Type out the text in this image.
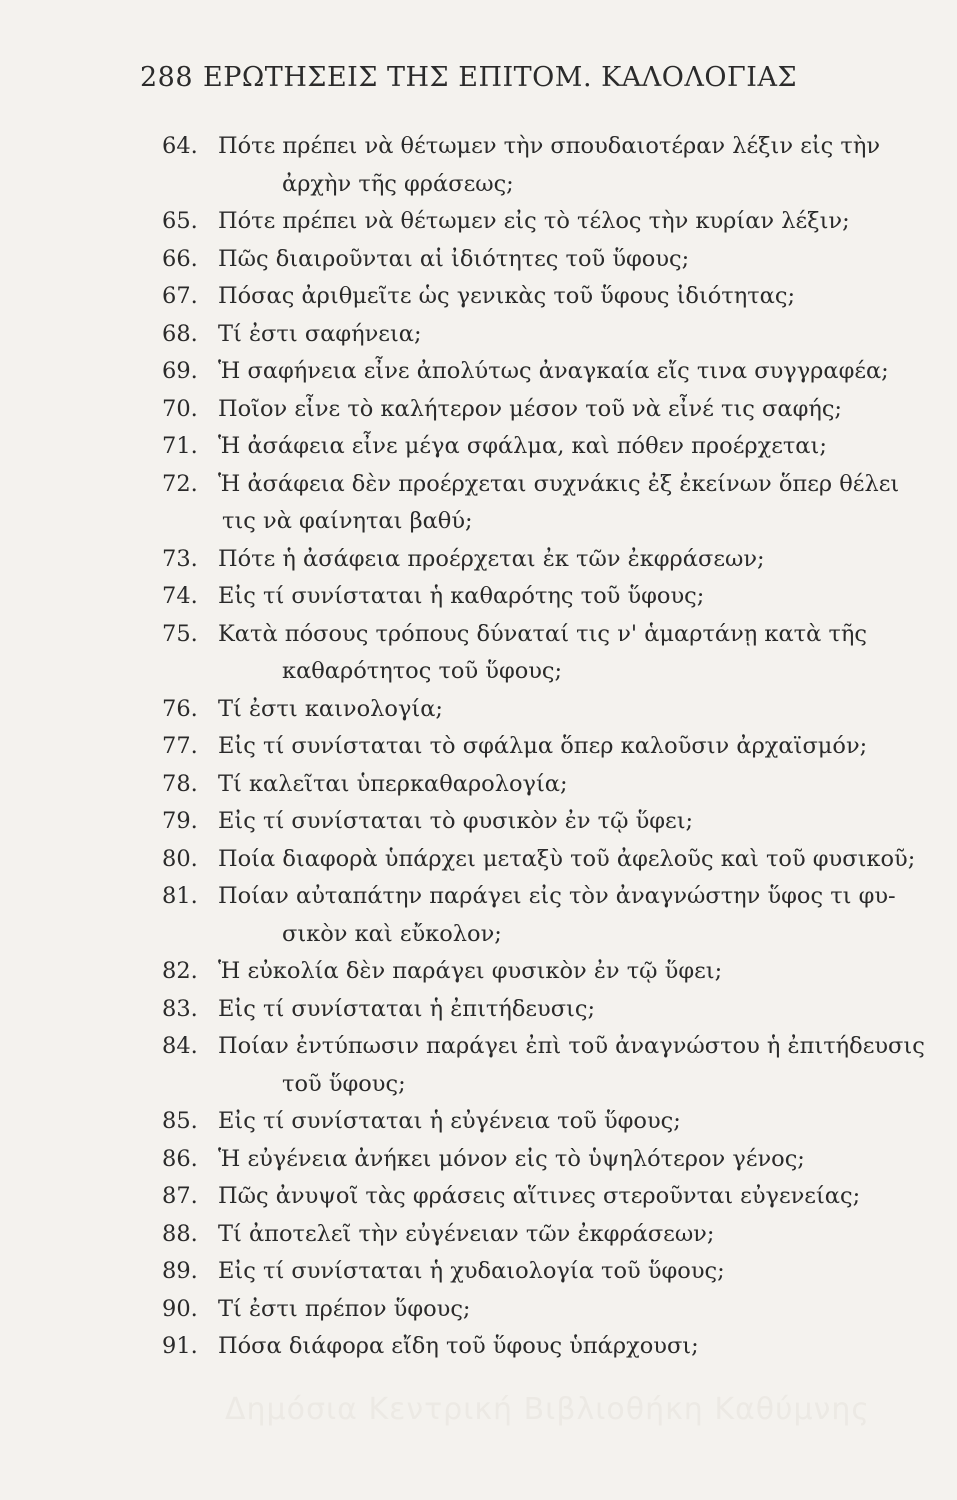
288 ΕΡΩΤΗΣΕΙΣ ΤΗΣ ΕΠΙΤΟΜ. ΚΑΛΟΛΟΓΙΑΣ
64. Πότε πρέπει νὰ θέτωμεν τὴν σπουδαιοτέραν λέξιν εἰς τὴν
ἀρχὴν τῆς φράσεως;
65. Πότε πρέπει νὰ θέτωμεν εἰς τὸ τέλος τὴν κυρίαν λέξιν;
66. Πῶς διαιροῦνται αἱ ἰδιότητες τοῦ ὕφους;
67. Πόσας ἀριθμεῖτε ὡς γενικὰς τοῦ ὕφους ἰδιότητας;
68. Τί ἐστι σαφήνεια;
69. Ἡ σαφήνεια εἶνε ἀπολύτως ἀναγκαία εἴς τινα συγγραφέα;
70. Ποῖον εἶνε τὸ καλήτερον μέσον τοῦ νὰ εἶνέ τις σαφής;
71. Ἡ ἀσάφεια εἶνε μέγα σφάλμα, καὶ πόθεν προέρχεται;
72. Ἡ ἀσάφεια δὲν προέρχεται συχνάκις ἐξ ἐκείνων ὅπερ θέλει
τις νὰ φαίνηται βαθύ;
73. Πότε ἡ ἀσάφεια προέρχεται ἐκ τῶν ἐκφράσεων;
74. Εἰς τί συνίσταται ἡ καθαρότης τοῦ ὕφους;
75. Κατὰ πόσους τρόπους δύναταί τις ν' ἁμαρτάνῃ κατὰ τῆς
καθαρότητος τοῦ ὕφους;
76. Τί ἐστι καινολογία;
77. Εἰς τί συνίσταται τὸ σφάλμα ὅπερ καλοῦσιν ἀρχαϊσμόν;
78. Τί καλεῖται ὑπερκαθαρολογία;
79. Εἰς τί συνίσταται τὸ φυσικὸν ἐν τῷ ὕφει;
80. Ποία διαφορὰ ὑπάρχει μεταξὺ τοῦ ἀφελοῦς καὶ τοῦ φυσικοῦ;
81. Ποίαν αὐταπάτην παράγει εἰς τὸν ἀναγνώστην ὕφος τι φυ-
σικὸν καὶ εὔκολον;
82. Ἡ εὐκολία δὲν παράγει φυσικὸν ἐν τῷ ὕφει;
83. Εἰς τί συνίσταται ἡ ἐπιτήδευσις;
84. Ποίαν ἐντύπωσιν παράγει ἐπὶ τοῦ ἀναγνώστου ἡ ἐπιτήδευσις
τοῦ ὕφους;
85. Εἰς τί συνίσταται ἡ εὐγένεια τοῦ ὕφους;
86. Ἡ εὐγένεια ἀνήκει μόνον εἰς τὸ ὑψηλότερον γένος;
87. Πῶς ἀνυψοῖ τὰς φράσεις αἵτινες στεροῦνται εὐγενείας;
88. Τί ἀποτελεῖ τὴν εὐγένειαν τῶν ἐκφράσεων;
89. Εἰς τί συνίσταται ἡ χυδαιολογία τοῦ ὕφους;
90. Τί ἐστι πρέπον ὕφους;
91. Πόσα διάφορα εἴδη τοῦ ὕφους ὑπάρχουσι;
Δημόσια Κεντρική Βιβλιοθήκη Καθύμνης
